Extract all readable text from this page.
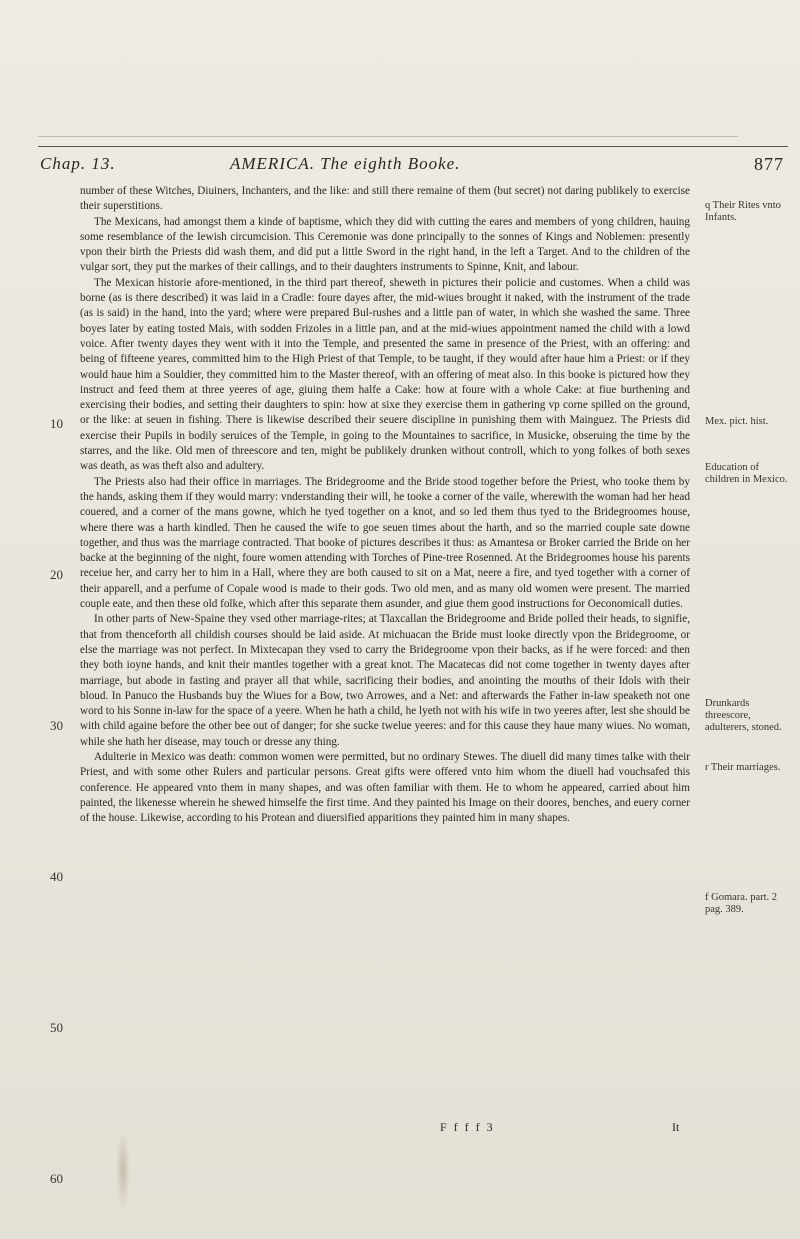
Chap. 13.	AMERICA. The eighth Booke.	877
10
20
30
40
50
60

number of these Witches, Diuiners, Inchanters, and the like: and still there remaine of them (but secret) not daring publikely to exercise their superstitions.

The Mexicans, had amongst them a kinde of baptisme, which they did with cutting the eares and members of yong children, hauing some resemblance of the Iewish circumcision. This Ceremonie was done principally to the sonnes of Kings and Noblemen: presently vpon their birth the Priests did wash them, and did put a little Sword in the right hand, in the left a Target. And to the children of the vulgar sort, they put the markes of their callings, and to their daughters instruments to Spinne, Knit, and labour.

The Mexican historie afore-mentioned, in the third part thereof, sheweth in pictures their policie and customes. When a child was borne (as is there described) it was laid in a Cradle: foure dayes after, the mid-wiues brought it naked, with the instrument of the trade (as is said) in the hand, into the yard; where were prepared Bul-rushes and a little pan of water, in which she washed the same. Three boyes later by eating tosted Mais, with sodden Frizoles in a little pan, and at the mid-wiues appointment named the child with a lowd voice. After twenty dayes they went with it into the Temple, and presented the same in presence of the Priest, with an offering: and being of fifteene yeares, committed him to the High Priest of that Temple, to be taught, if they would after haue him a Priest: or if they would haue him a Souldier, they committed him to the Master thereof, with an offering of meat also. In this booke is pictured how they instruct and feed them at three yeeres of age, giuing them halfe a Cake: how at foure with a whole Cake: at fiue burthening and exercising their bodies, and setting their daughters to spin: how at sixe they exercise them in gathering vp corne spilled on the ground, or the like: at seuen in fishing. There is likewise described their seuere discipline in punishing them with Mainguez. The Priests did exercise their Pupils in bodily seruices of the Temple, in going to the Mountaines to sacrifice, in Musicke, obseruing the time by the starres, and the like. Old men of threescore and ten, might be publikely drunken without controll, which to yong folkes of both sexes was death, as was theft also and adultery.

The Priests also had their office in marriages. The Bridegroome and the Bride stood together before the Priest, who tooke them by the hands, asking them if they would marry: vnderstanding their will, he tooke a corner of the vaile, wherewith the woman had her head couered, and a corner of the mans gowne, which he tyed together on a knot, and so led them thus tyed to the Bridegroomes house, where there was a harth kindled. Then he caused the wife to goe seuen times about the harth, and so the married couple sate downe together, and thus was the marriage contracted. That booke of pictures describes it thus: as Amantesa or Broker carried the Bride on her backe at the beginning of the night, foure women attending with Torches of Pine-tree Rosenned. At the Bridegroomes house his parents receiue her, and carry her to him in a Hall, where they are both caused to sit on a Mat, neere a fire, and tyed together with a corner of their apparell, and a perfume of Copale wood is made to their gods. Two old men, and as many old women were present. The married couple eate, and then these old folke, which after this separate them asunder, and giue them good instructions for Oeconomicall duties.

In other parts of New-Spaine they vsed other marriage-rites; at Tlaxcallan the Bridegroome and Bride polled their heads, to signifie, that from thenceforth all childish courses should be laid aside. At michuacan the Bride must looke directly vpon the Bridegroome, or else the marriage was not perfect. In Mixtecapan they vsed to carry the Bridegroome vpon their backs, as if he were forced: and then they both ioyne hands, and knit their mantles together with a great knot. The Macatecas did not come together in twenty dayes after marriage, but abode in fasting and prayer all that while, sacrificing their bodies, and anointing the mouths of their Idols with their bloud. In Panuco the Husbands buy the Wiues for a Bow, two Arrowes, and a Net: and afterwards the Father in-law speaketh not one word to his Sonne in-law for the space of a yeere. When he hath a child, he lyeth not with his wife in two yeeres after, lest she should be with child againe before the other bee out of danger; for she sucke twelue yeeres: and for this cause they haue many wiues. No woman, while she hath her disease, may touch or dresse any thing.

Adulterie in Mexico was death: common women were permitted, but no ordinary Stewes. The diuell did many times talke with their Priest, and with some other Rulers and particular persons. Great gifts were offered vnto him whom the diuell had vouchsafed this conference. He appeared vnto them in many shapes, and was often familiar with them. He to whom he appeared, carried about him painted, the likenesse wherein he shewed himselfe the first time. And they painted his Image on their doores, benches, and euery corner of the house. Likewise, according to his Protean and diuersified apparitions they painted him in many shapes.

q Their Rites vnto Infants.
Mex. pict. hist.
Education of children in Mexico.
Drunkards threescore, adulterers, stoned.
r Their marriages.
f Gomara. part. 2 pag. 389.
F f f f 3	It
